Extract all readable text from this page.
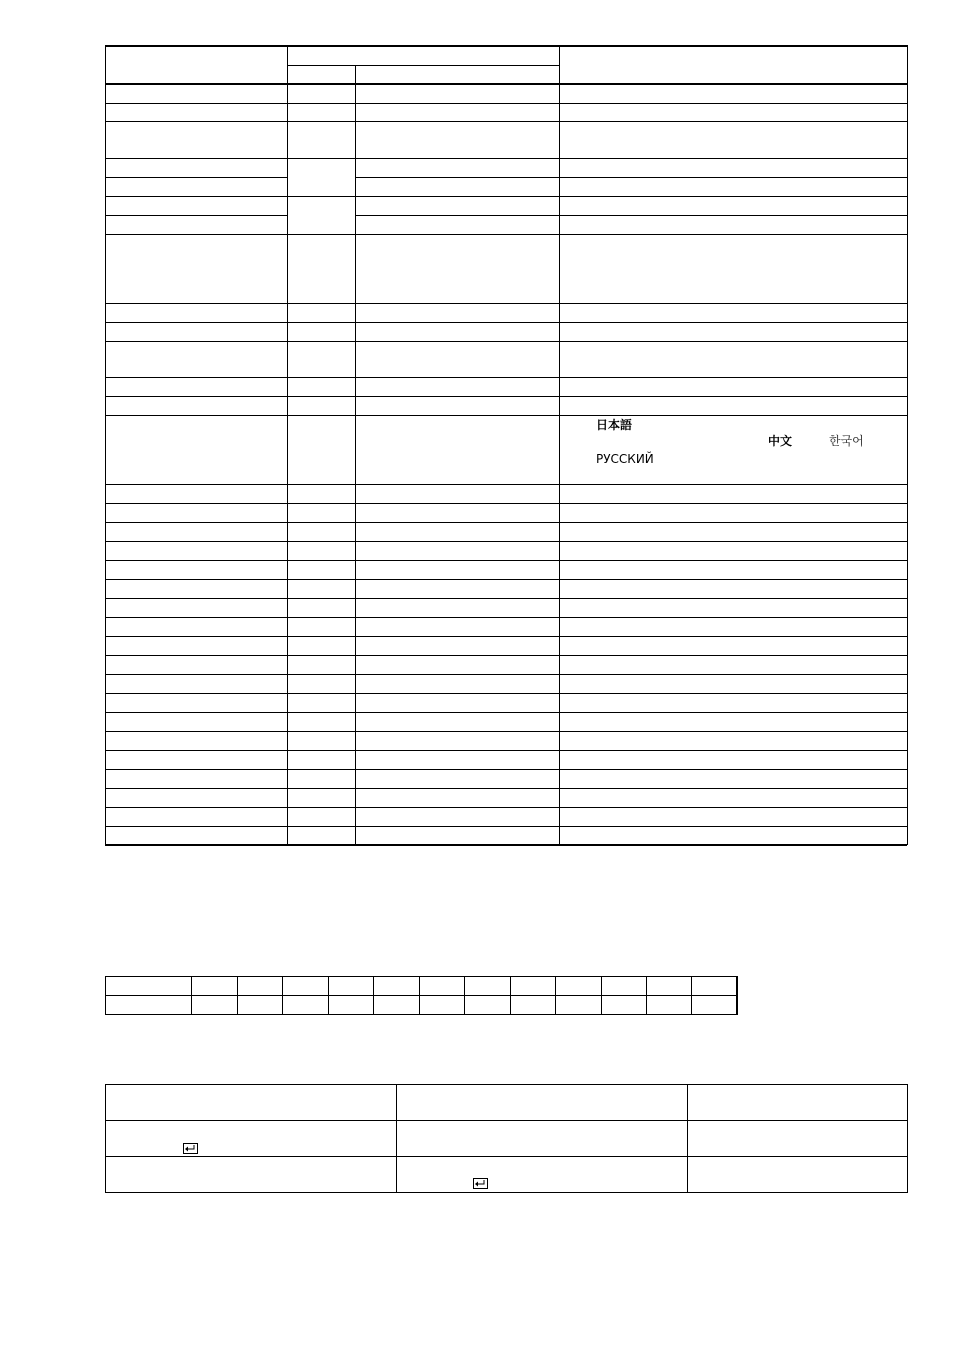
日本語
中文	한국어
РУССКИЙ
